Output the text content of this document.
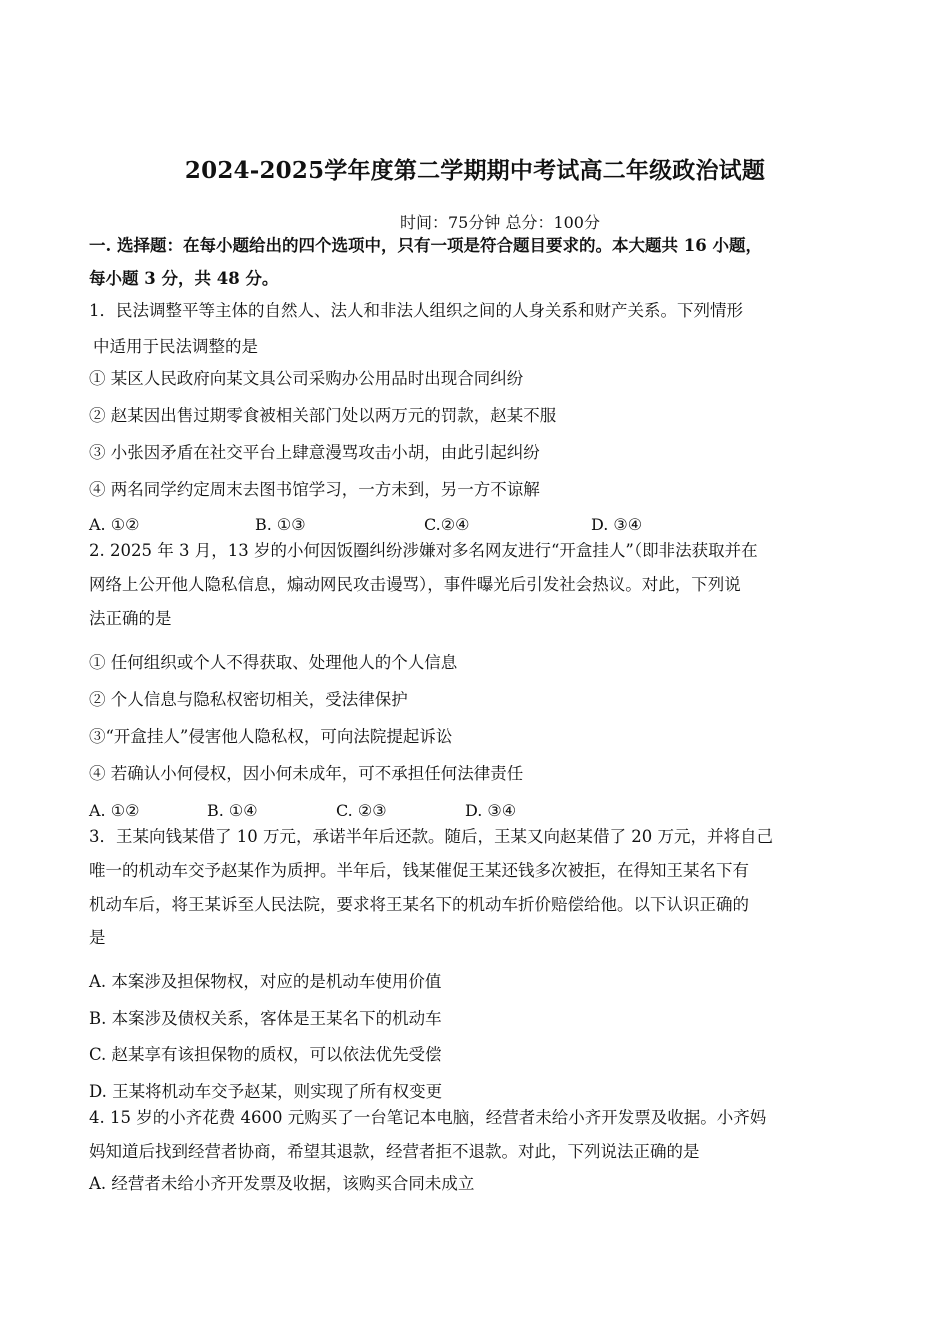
2024-2025学年度第二学期期中考试高二年级政治试题
时间：75分钟 总分：100分
一. 选择题：在每小题给出的四个选项中，只有一项是符合题目要求的。本大题共 16 小题，
每小题 3 分，共 48 分。
1．民法调整平等主体的自然人、法人和非法人组织之间的人身关系和财产关系。下列情形
中适用于民法调整的是
① 某区人民政府向某文具公司采购办公用品时出现合同纠纷
② 赵某因出售过期零食被相关部门处以两万元的罚款，赵某不服
③ 小张因矛盾在社交平台上肆意漫骂攻击小胡，由此引起纠纷
④ 两名同学约定周末去图书馆学习，一方未到，另一方不谅解
A. ①②	B. ①③	C.②④	D. ③④
2. 2025 年 3 月，13 岁的小何因饭圈纠纷涉嫌对多名网友进行“开盒挂人”（即非法获取并在
网络上公开他人隐私信息，煽动网民攻击谩骂），事件曝光后引发社会热议。对此，下列说
法正确的是
① 任何组织或个人不得获取、处理他人的个人信息
② 个人信息与隐私权密切相关，受法律保护
③“开盒挂人”侵害他人隐私权，可向法院提起诉讼
④ 若确认小何侵权，因小何未成年，可不承担任何法律责任
A. ①②	B. ①④	C. ②③	D. ③④
3．王某向钱某借了 10 万元，承诺半年后还款。随后，王某又向赵某借了 20 万元，并将自己
唯一的机动车交予赵某作为质押。半年后，钱某催促王某还钱多次被拒，在得知王某名下有
机动车后，将王某诉至人民法院，要求将王某名下的机动车折价赔偿给他。以下认识正确的
是
A. 本案涉及担保物权，对应的是机动车使用价值
B. 本案涉及债权关系，客体是王某名下的机动车
C. 赵某享有该担保物的质权，可以依法优先受偿
D. 王某将机动车交予赵某，则实现了所有权变更
4. 15 岁的小齐花费 4600 元购买了一台笔记本电脑，经营者未给小齐开发票及收据。小齐妈
妈知道后找到经营者协商，希望其退款，经营者拒不退款。对此，下列说法正确的是
A. 经营者未给小齐开发票及收据，该购买合同未成立
